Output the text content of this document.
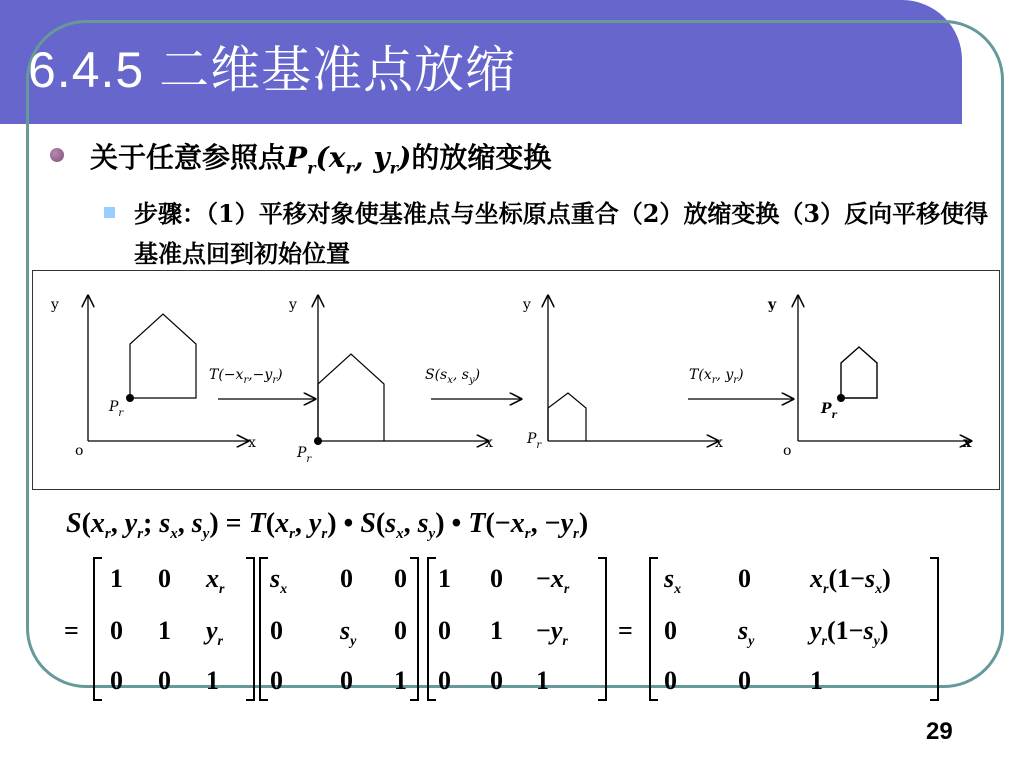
6.4.5 二维基准点放缩
关于任意参照点$P_r(x_r$, $y_r$)的放缩变换
步骤：（1）平移对象使基准点与坐标原点重合（2）放缩变换（3）反向平移使得基准点回到初始位置
y
x
o
$P_r$
$T(-x_r,-y_r)$
y
x
$P_r$
$S(s_x$, $s_y$)
y
x
$P_r$
$T(x_r$, $y_r$)
y
x
o
$P_r$
$S(x_r$, $y_r$; $s_x$, $s_y) = T(x_r$, $y_r$) • $S(s_x$, $s_y$) • $T(-x_r$, $-y_r$)
=	=
1 0 $x_r$
0 1 $y_r$
0 0 1
$s_x$ 0 0
0 $s_y$ 0
0 0 1
1 $0 -x_r$
0 $1 -y_r$
0 0 1
$s_x$ 0 $x_r(1-s_x)$
0 $s_y$ $y_r(1-s_y)$
0 0 1
29
